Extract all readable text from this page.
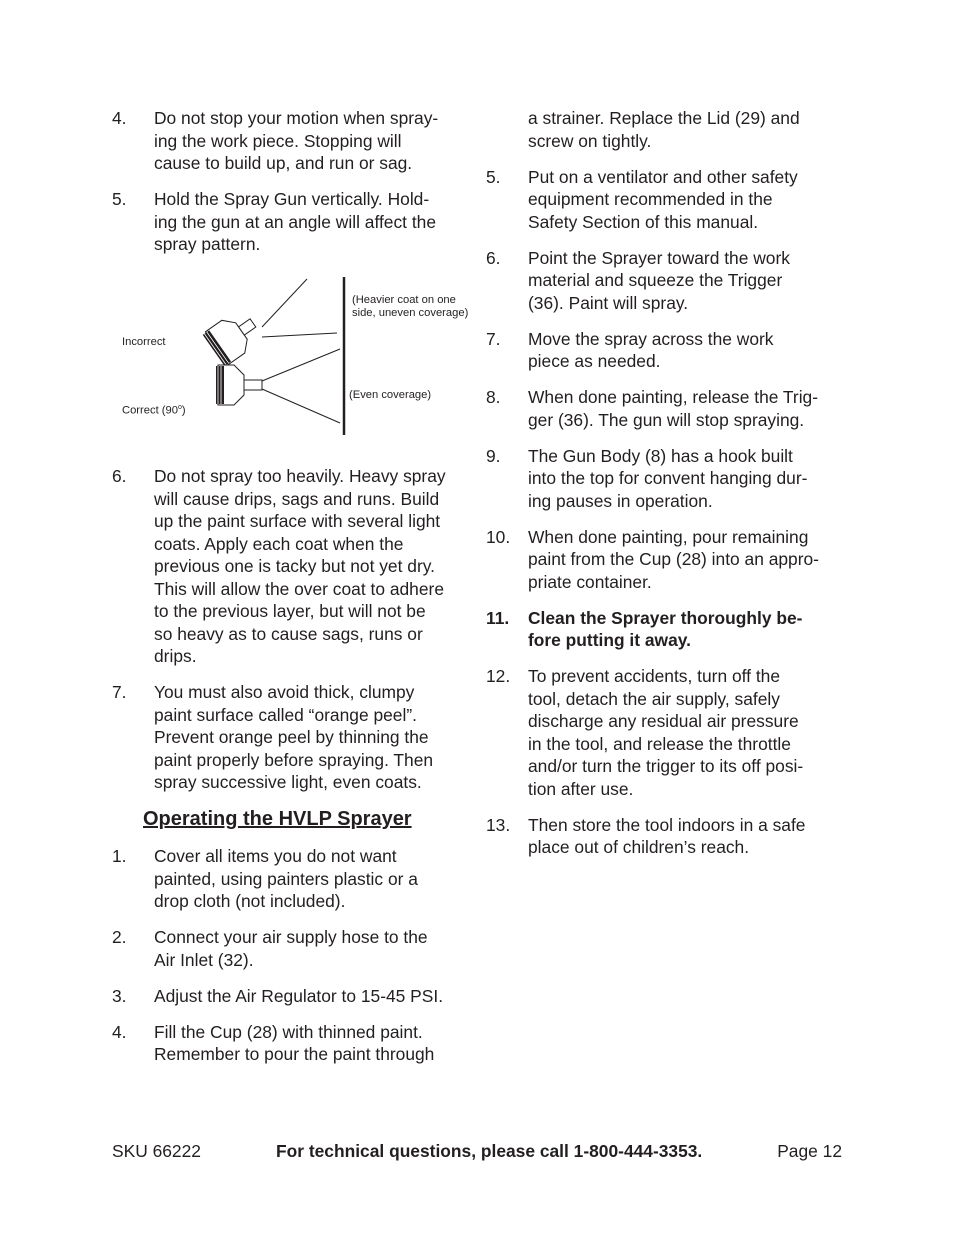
4.	Do not stop your motion when spray-
ing the work piece. Stopping will
cause to build up, and run or sag.
5.	Hold the Spray Gun vertically. Hold-
ing the gun at an angle will affect the
spray pattern.
Incorrect
Correct (90$^o$)
(Heavier coat on one
side, uneven coverage)
(Even coverage)
6.	Do not spray too heavily. Heavy spray
will cause drips, sags and runs. Build
up the paint surface with several light
coats. Apply each coat when the
previous one is tacky but not yet dry.
This will allow the over coat to adhere
to the previous layer, but will not be
so heavy as to cause sags, runs or
drips.
7.	You must also avoid thick, clumpy
paint surface called “orange peel”.
Prevent orange peel by thinning the
paint properly before spraying. Then
spray successive light, even coats.
Operating the HVLP Sprayer
1.	Cover all items you do not want
painted, using painters plastic or a
drop cloth (not included).
2.	Connect your air supply hose to the
Air Inlet (32).
3.	Adjust the Air Regulator to 15-45 PSI.
4.	Fill the Cup (28) with thinned paint.
Remember to pour the paint through
a strainer. Replace the Lid (29) and
screw on tightly.
5.	Put on a ventilator and other safety
equipment recommended in the
Safety Section of this manual.
6.	Point the Sprayer toward the work
material and squeeze the Trigger
(36). Paint will spray.
7.	Move the spray across the work
piece as needed.
8.	When done painting, release the Trig-
ger (36). The gun will stop spraying.
9.	The Gun Body (8) has a hook built
into the top for convent hanging dur-
ing pauses in operation.
10.	When done painting, pour remaining
paint from the Cup (28) into an appro-
priate container.
11.	Clean the Sprayer thoroughly be-
fore putting it away.
12.	To prevent accidents, turn off the
tool, detach the air supply, safely
discharge any residual air pressure
in the tool, and release the throttle
and/or turn the trigger to its off posi-
tion after use.
13.	Then store the tool indoors in a safe
place out of children’s reach.
SKU 66222	For technical questions, please call 1-800-444-3353.	Page 12
